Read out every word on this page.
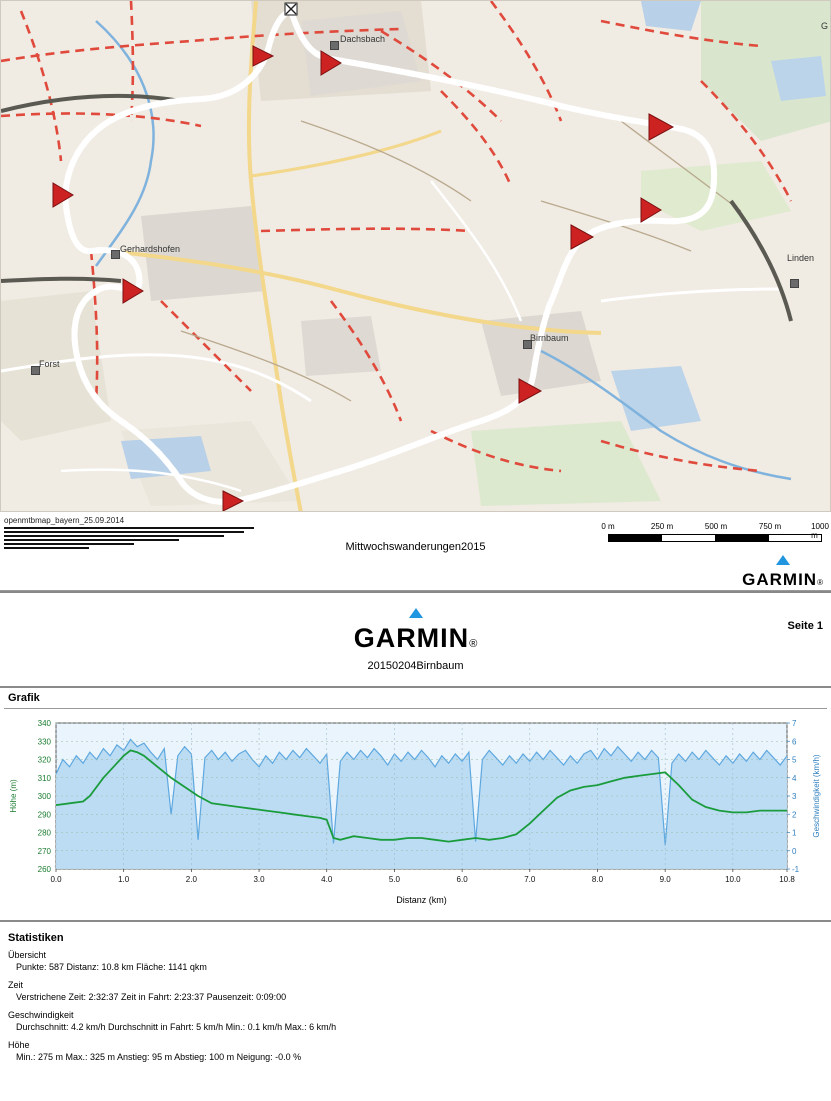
Dachsbach
Gerhardshofen
Forst
Birnbaum
Linden
G
openmtbmap_bayern_25.09.2014
Mittwochswanderungen2015
0 m	250 m	500 m	750 m	1000 m
GARMIN®
GARMIN®
20150204Birnbaum
Seite 1
Grafik
260
270
280
290
300
310
320
330
340
-1
0
1
2
3
4
5
6
7
0.0	1.0	2.0	3.0	4.0	5.0	6.0	7.0	8.0	9.0	10.0	10.8
Distanz (km)
Höhe (m)	Geschwindigkeit (km/h)
Statistiken
Übersicht
Punkte: 587 Distanz: 10.8 km Fläche: 1141 qkm
Zeit
Verstrichene Zeit: 2:32:37 Zeit in Fahrt: 2:23:37 Pausenzeit: 0:09:00
Geschwindigkeit
Durchschnitt: 4.2 km/h Durchschnitt in Fahrt: 5 km/h Min.: 0.1 km/h Max.: 6 km/h
Höhe
Min.: 275 m Max.: 325 m Anstieg: 95 m Abstieg: 100 m Neigung: -0.0 %
